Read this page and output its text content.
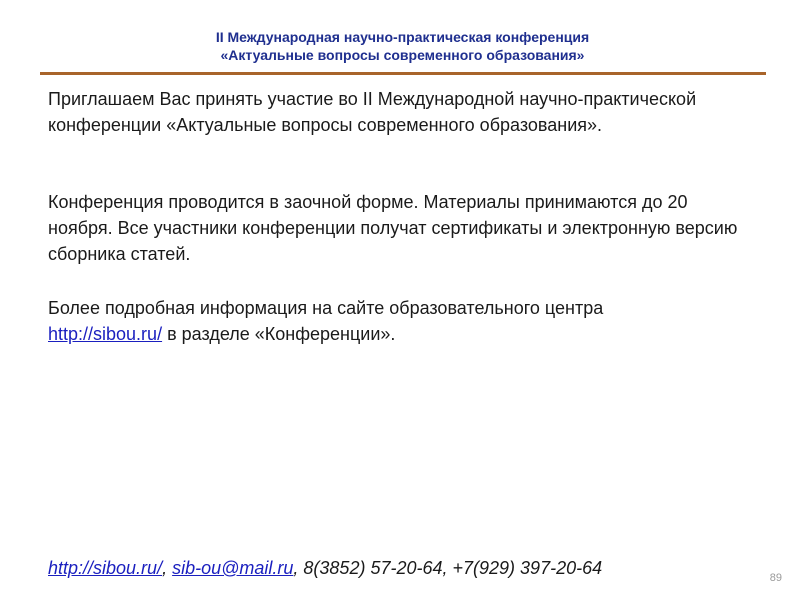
II Международная научно-практическая конференция
«Актуальные вопросы современного образования»

Приглашаем Вас принять участие во II Международной научно-практической конференции «Актуальные вопросы современного образования».

Конференция проводится в заочной форме. Материалы принимаются до 20 ноября. Все участники конференции получат сертификаты и электронную версию сборника статей.

Более подробная информация на сайте образовательного центра
http://sibou.ru/ в разделе «Конференции».

http://sibou.ru/, sib-ou@mail.ru, 8(3852) 57-20-64, +7(929) 397-20-64	89
